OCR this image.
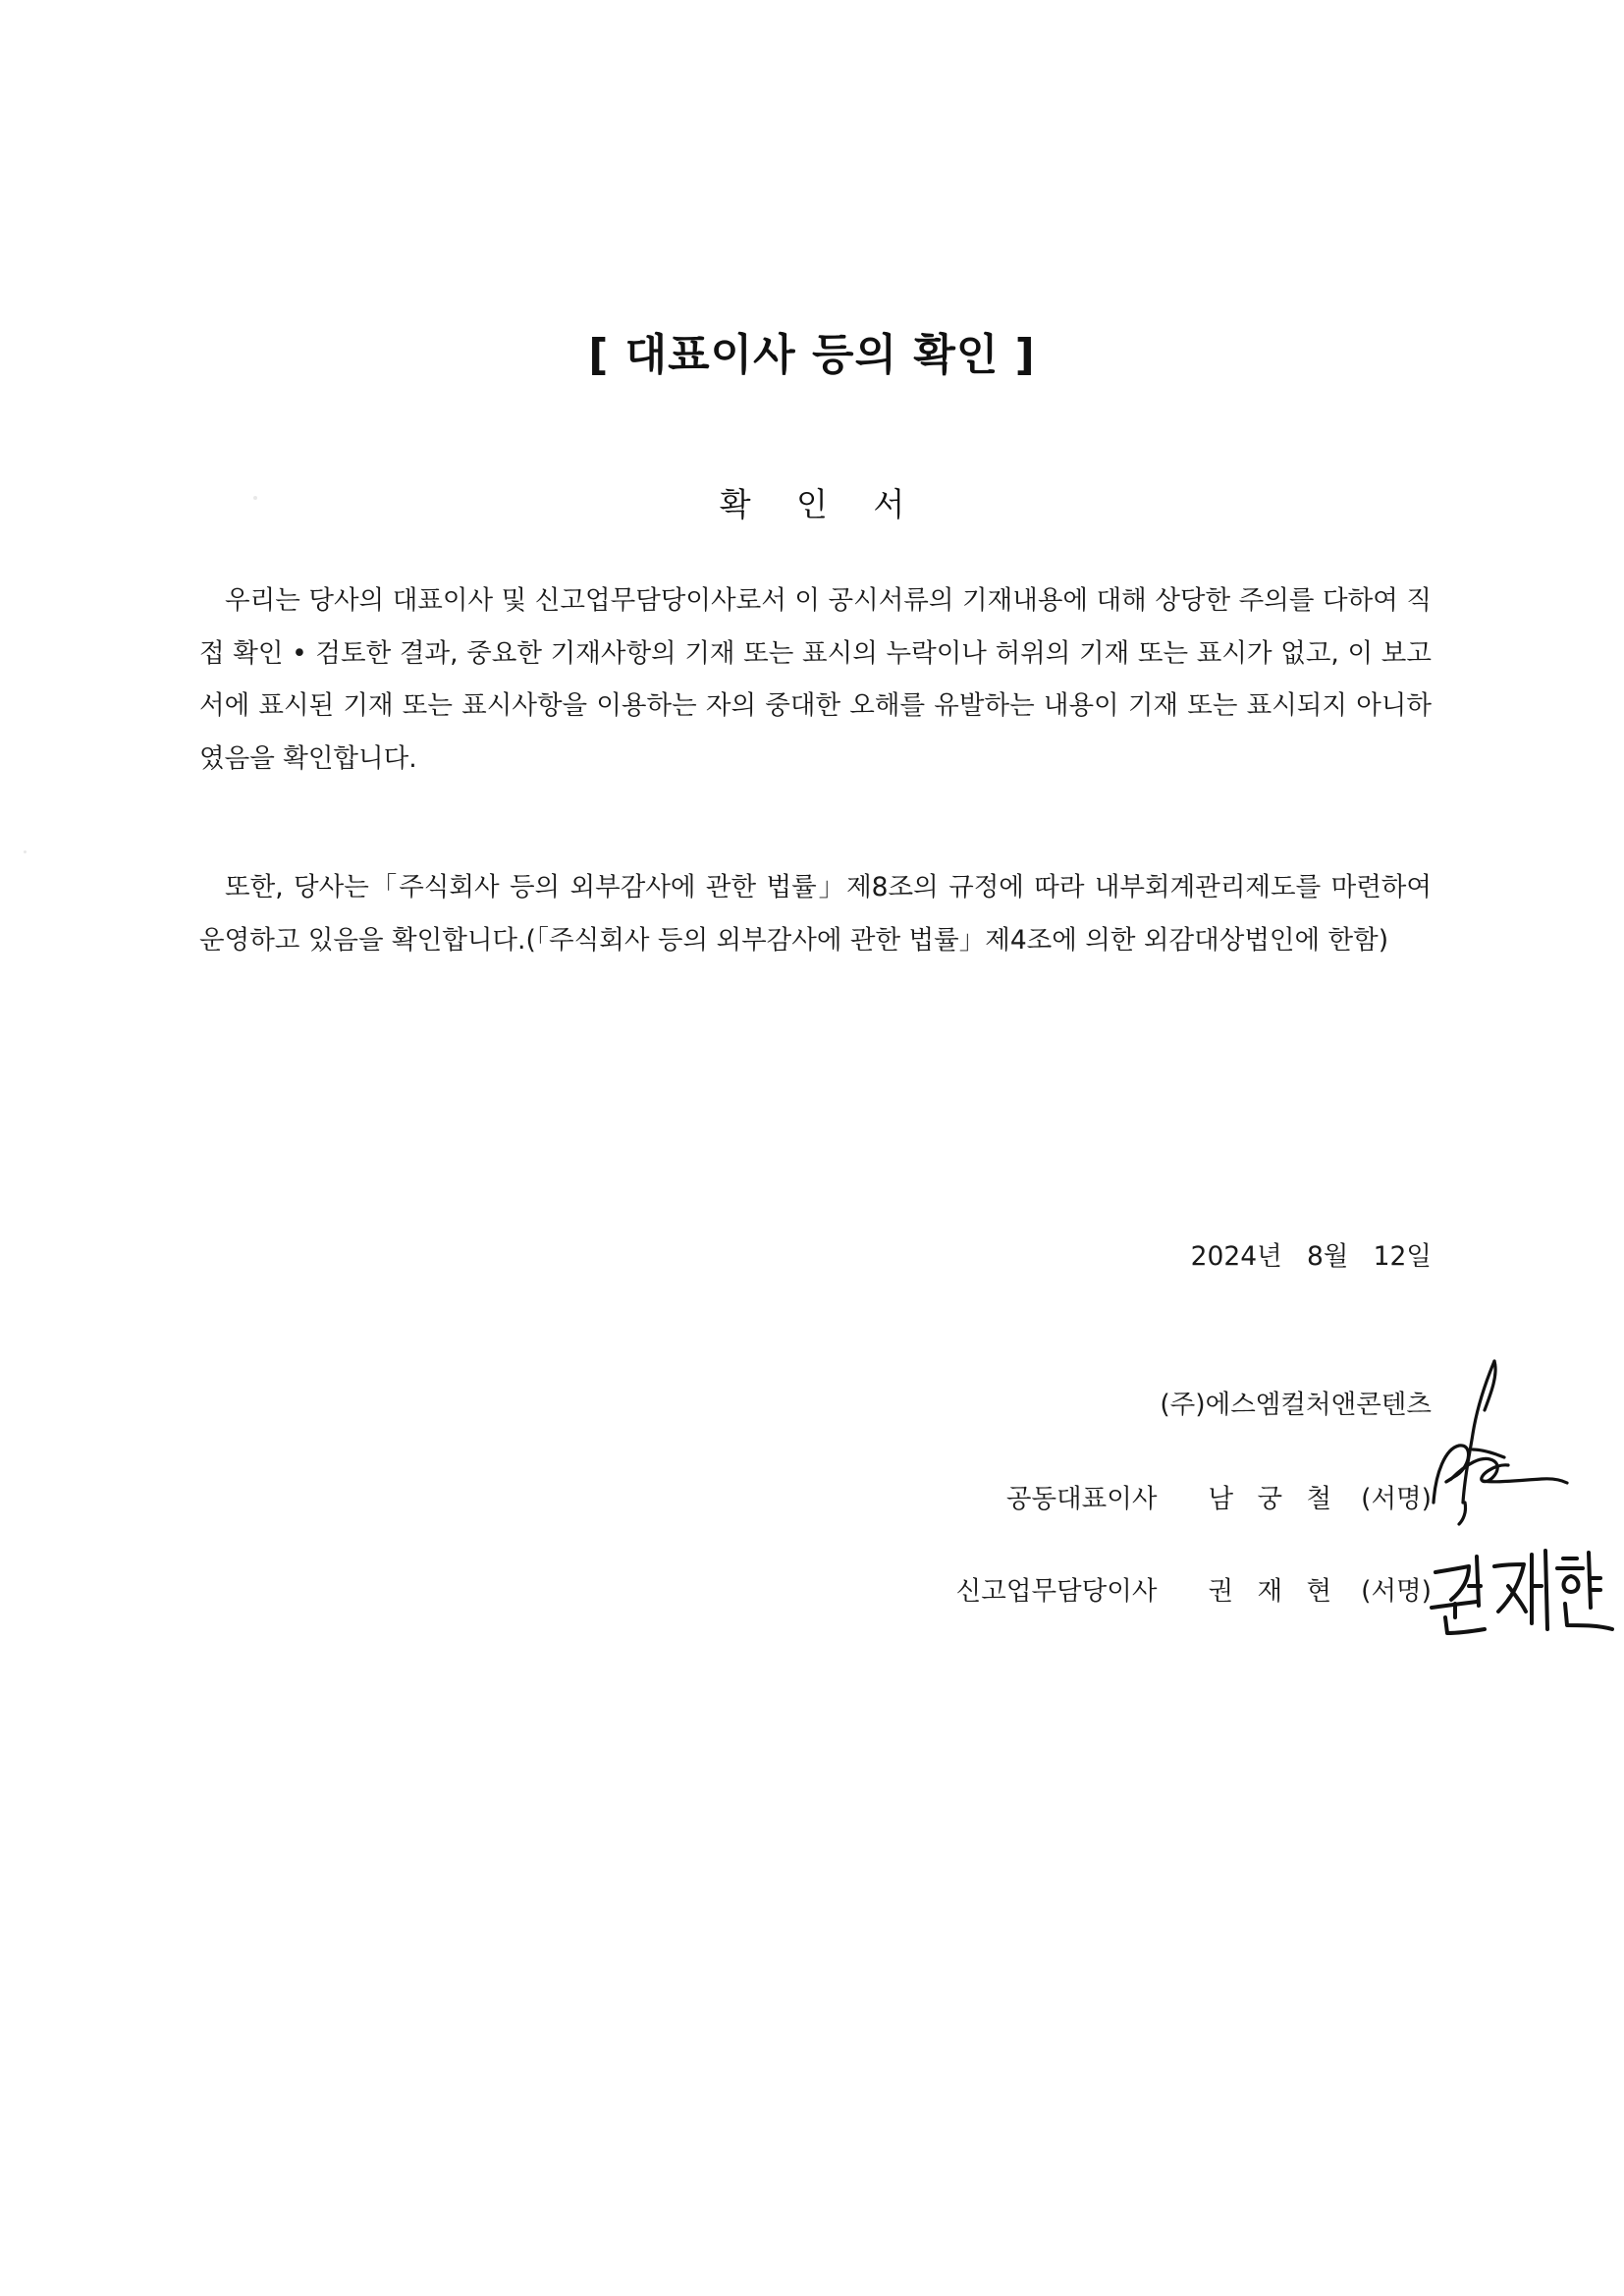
[ 대표이사 등의 확인 ]
확 인 서

우리는 당사의 대표이사 및 신고업무담당이사로서 이 공시서류의 기재내용에 대해 상당한 주의를 다하여 직접 확인 • 검토한 결과, 중요한 기재사항의 기재 또는 표시의 누락이나 허위의 기재 또는 표시가 없고, 이 보고서에 표시된 기재 또는 표시사항을 이용하는 자의 중대한 오해를 유발하는 내용이 기재 또는 표시되지 아니하였음을 확인합니다.

또한, 당사는「주식회사 등의 외부감사에 관한 법률」제8조의 규정에 따라 내부회계관리제도를 마련하여 운영하고 있음을 확인합니다.(「주식회사 등의 외부감사에 관한 법률」제4조에 의한 외감대상법인에 한함)

2024년   8월   12일
(주)에스엠컬처앤콘텐츠
공동대표이사 남 궁 철 (서명)
신고업무담당이사 권 재 현 (서명)
